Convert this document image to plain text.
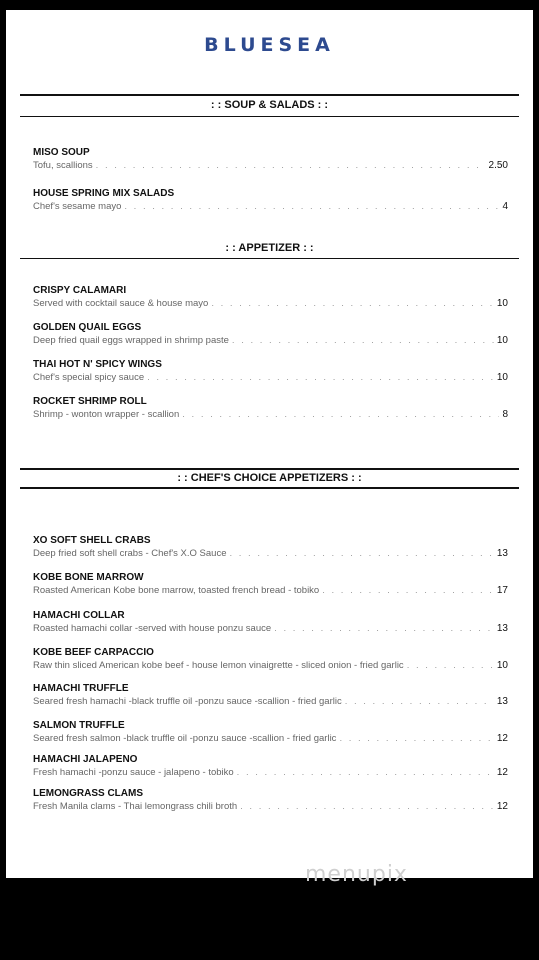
BLUESEA
: : SOUP & SALADS : :
MISO SOUP
Tofu, scallions . . .	2.50
HOUSE SPRING MIX SALADS
Chef's sesame mayo . . .	4
: : APPETIZER : :
CRISPY CALAMARI
Served with cocktail sauce & house mayo . . .	10
GOLDEN QUAIL EGGS
Deep fried quail eggs wrapped in shrimp paste . . .	10
THAI HOT N' SPICY WINGS
Chef's special spicy sauce . . .	10
ROCKET SHRIMP ROLL
Shrimp - wonton wrapper - scallion . . .	8
: : CHEF'S CHOICE APPETIZERS : :
XO SOFT SHELL CRABS
Deep fried soft shell crabs - Chef's X.O Sauce . . .	13
KOBE BONE MARROW
Roasted American Kobe bone marrow, toasted french bread - tobiko . . .	17
HAMACHI COLLAR
Roasted hamachi collar -served with house ponzu sauce . . .	13
KOBE BEEF CARPACCIO
Raw thin sliced American kobe beef - house lemon vinaigrette - sliced onion - fried garlic . . .	10
HAMACHI TRUFFLE
Seared fresh hamachi -black truffle oil -ponzu sauce -scallion - fried garlic . . .	13
SALMON TRUFFLE
Seared fresh salmon -black truffle oil -ponzu sauce -scallion - fried garlic . . .	12
HAMACHI JALAPENO
Fresh hamachi -ponzu sauce - jalapeno - tobiko . . .	12
LEMONGRASS CLAMS
Fresh Manila clams - Thai lemongrass chili broth . . .	12
menupix
